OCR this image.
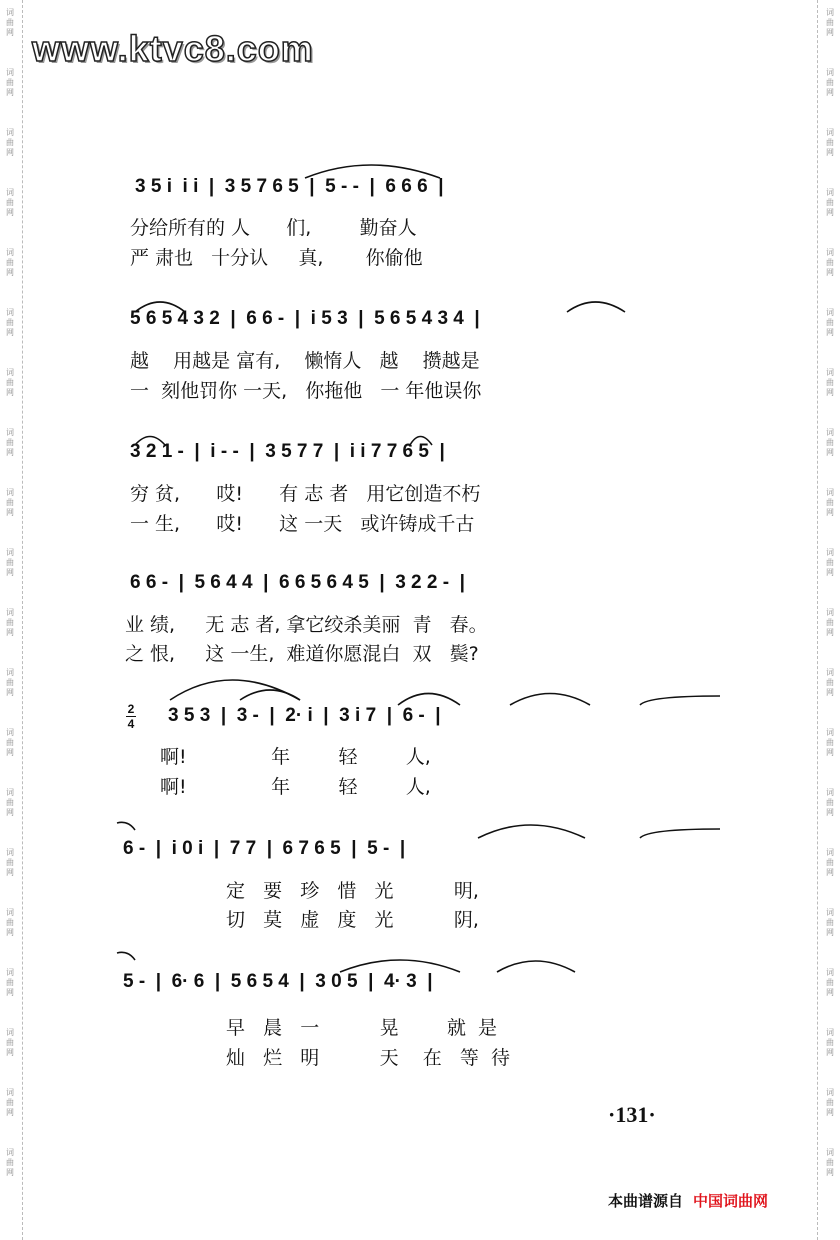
词
曲
网
词
曲
网
词
曲
网
词
曲
网
词
曲
网
词
曲
网
词
曲
网
词
曲
网
词
曲
网
词
曲
网
词
曲
网
词
曲
网
词
曲
网
词
曲
网
词
曲
网
词
曲
网
词
曲
网
词
曲
网
词
曲
网
词
曲
网
词
曲
网
词
曲
网
词
曲
网
词
曲
网
词
曲
网
词
曲
网
词
曲
网
词
曲
网
词
曲
网
词
曲
网
词
曲
网
词
曲
网
词
曲
网
词
曲
网
词
曲
网
词
曲
网
词
曲
网
词
曲
网
词
曲
网
词
曲
网
www.ktvc8.com
3 5 i  i i  |  3 5 7 6 5  |  5 - -  |  6 6 6  |
分给所有的 人      们,        勤奋人
严 肃也   十分认     真,       你偷他
5 6 5 4 3 2  |  6 6 -  |  i 5 3  |  5 6 5 4 3 4  |
越    用越是 富有,    懒惰人   越    攒越是
一  刻他罚你 一天,   你拖他   一 年他误你
3 2 1 -  |  i - -  |  3 5 7 7  |  i i 7 7 6 5  |
穷 贫,      哎!      有 志 者   用它创造不朽
一 生,      哎!      这 一天   或许铸成千古
6 6 -  |  5 6 4 4  |  6 6 5 6 4 5  |  3 2 2 -  |
业 绩,     无 志 者, 拿它绞杀美丽  青   春。
之 恨,     这 一生,  难道你愿混白  双   鬓?
2
4 3 5 3  |  3 -  |  2· i  |  3 i 7  |  6 -  |
啊!              年        轻        人,
啊!              年        轻        人,
6 -  |  i 0 i  |  7 7  |  6 7 6 5  |  5 -  |
定   要   珍   惜   光          明,
切   莫   虚   度   光          阴,
5 -  |  6· 6  |  5 6 5 4  |  3 0 5  |  4· 3  |
早   晨   一          晃        就  是
灿   烂   明          天    在   等  待
·131·
本曲谱源自 中国词曲网
